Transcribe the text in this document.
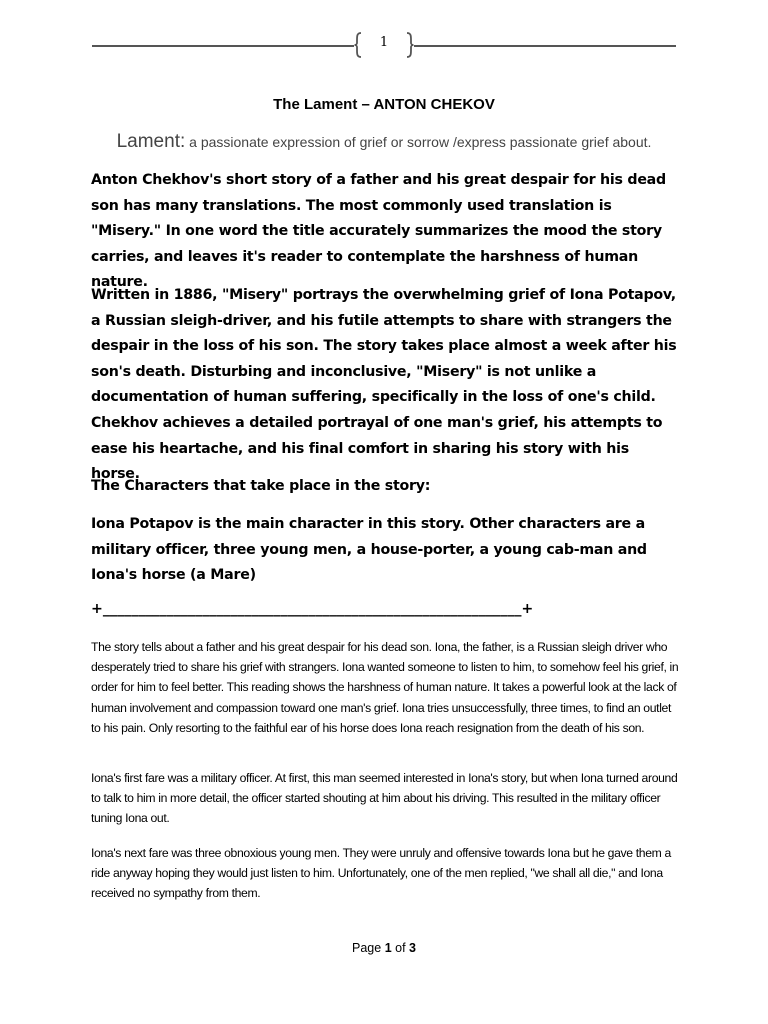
1
The Lament – ANTON CHEKOV
Lament: a passionate expression of grief or sorrow /express passionate grief about.

Anton Chekhov's short story of a father and his great despair for his dead son has many translations. The most commonly used translation is "Misery." In one word the title accurately summarizes the mood the story carries, and leaves it's reader to contemplate the harshness of human nature.

Written in 1886, "Misery" portrays the overwhelming grief of Iona Potapov, a Russian sleigh-driver, and his futile attempts to share with strangers the despair in the loss of his son. The story takes place almost a week after his son's death. Disturbing and inconclusive, "Misery" is not unlike a documentation of human suffering, specifically in the loss of one's child. Chekhov achieves a detailed portrayal of one man's grief, his attempts to ease his heartache, and his final comfort in sharing his story with his horse.

The Characters that take place in the story:

Iona Potapov is the main character in this story. Other characters are a military officer, three young men, a house-porter, a young cab-man and Iona's horse (a Mare)

+___________________________________________________________+

The story tells about a father and his great despair for his dead son. Iona, the father, is a Russian sleigh driver who desperately tried to share his grief with strangers. Iona wanted someone to listen to him, to somehow feel his grief, in order for him to feel better. This reading shows the harshness of human nature. It takes a powerful look at the lack of human involvement and compassion toward one man's grief. Iona tries unsuccessfully, three times, to find an outlet to his pain. Only resorting to the faithful ear of his horse does Iona reach resignation from the death of his son.

Iona's first fare was a military officer. At first, this man seemed interested in Iona's story, but when Iona turned around to talk to him in more detail, the officer started shouting at him about his driving. This resulted in the military officer tuning Iona out.

Iona's next fare was three obnoxious young men. They were unruly and offensive towards Iona but he gave them a ride anyway hoping they would just listen to him. Unfortunately, one of the men replied, "we shall all die," and Iona received no sympathy from them.

Page 1 of 3
